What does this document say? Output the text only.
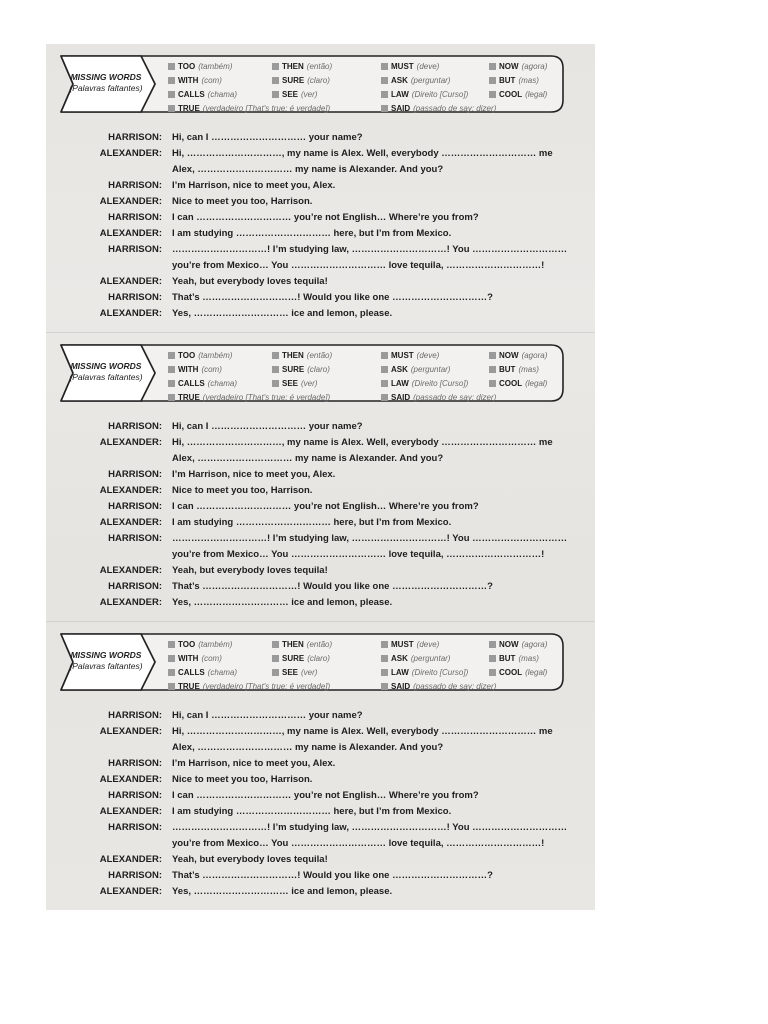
MISSING WORDS
(Palavras faltantes)
TOO (também)
WITH (com)
CALLS (chama)
TRUE (verdadeiro [That's true: é verdade])
THEN (então)
SURE (claro)
SEE (ver)
MUST (deve)
ASK (perguntar)
LAW (Direito [Curso])
SAID (passado de say: dizer)
NOW (agora)
BUT (mas)
COOL (legal)
HARRISON: Hi, can I ………………………… your name?
ALEXANDER: Hi, …………………………, my name is Alex. Well, everybody ………………………… me
Alex, ………………………… my name is Alexander. And you?
HARRISON: I’m Harrison, nice to meet you, Alex.
ALEXANDER: Nice to meet you too, Harrison.
HARRISON: I can ………………………… you’re not English… Where’re you from?
ALEXANDER: I am studying ………………………… here, but I’m from Mexico.
HARRISON: …………………………! I’m studying law, …………………………! You …………………………
you’re from Mexico… You ………………………… love tequila, …………………………!
ALEXANDER: Yeah, but everybody loves tequila!
HARRISON: That’s …………………………! Would you like one …………………………?
ALEXANDER: Yes, ………………………… ice and lemon, please.
MISSING WORDS
(Palavras faltantes)
TOO (também)
WITH (com)
CALLS (chama)
TRUE (verdadeiro [That's true: é verdade])
THEN (então)
SURE (claro)
SEE (ver)
MUST (deve)
ASK (perguntar)
LAW (Direito [Curso])
SAID (passado de say: dizer)
NOW (agora)
BUT (mas)
COOL (legal)
HARRISON: Hi, can I ………………………… your name?
ALEXANDER: Hi, …………………………, my name is Alex. Well, everybody ………………………… me
Alex, ………………………… my name is Alexander. And you?
HARRISON: I’m Harrison, nice to meet you, Alex.
ALEXANDER: Nice to meet you too, Harrison.
HARRISON: I can ………………………… you’re not English… Where’re you from?
ALEXANDER: I am studying ………………………… here, but I’m from Mexico.
HARRISON: …………………………! I’m studying law, …………………………! You …………………………
you’re from Mexico… You ………………………… love tequila, …………………………!
ALEXANDER: Yeah, but everybody loves tequila!
HARRISON: That’s …………………………! Would you like one …………………………?
ALEXANDER: Yes, ………………………… ice and lemon, please.
MISSING WORDS
(Palavras faltantes)
TOO (também)
WITH (com)
CALLS (chama)
TRUE (verdadeiro [That's true: é verdade])
THEN (então)
SURE (claro)
SEE (ver)
MUST (deve)
ASK (perguntar)
LAW (Direito [Curso])
SAID (passado de say: dizer)
NOW (agora)
BUT (mas)
COOL (legal)
HARRISON: Hi, can I ………………………… your name?
ALEXANDER: Hi, …………………………, my name is Alex. Well, everybody ………………………… me
Alex, ………………………… my name is Alexander. And you?
HARRISON: I’m Harrison, nice to meet you, Alex.
ALEXANDER: Nice to meet you too, Harrison.
HARRISON: I can ………………………… you’re not English… Where’re you from?
ALEXANDER: I am studying ………………………… here, but I’m from Mexico.
HARRISON: …………………………! I’m studying law, …………………………! You …………………………
you’re from Mexico… You ………………………… love tequila, …………………………!
ALEXANDER: Yeah, but everybody loves tequila!
HARRISON: That’s …………………………! Would you like one …………………………?
ALEXANDER: Yes, ………………………… ice and lemon, please.
